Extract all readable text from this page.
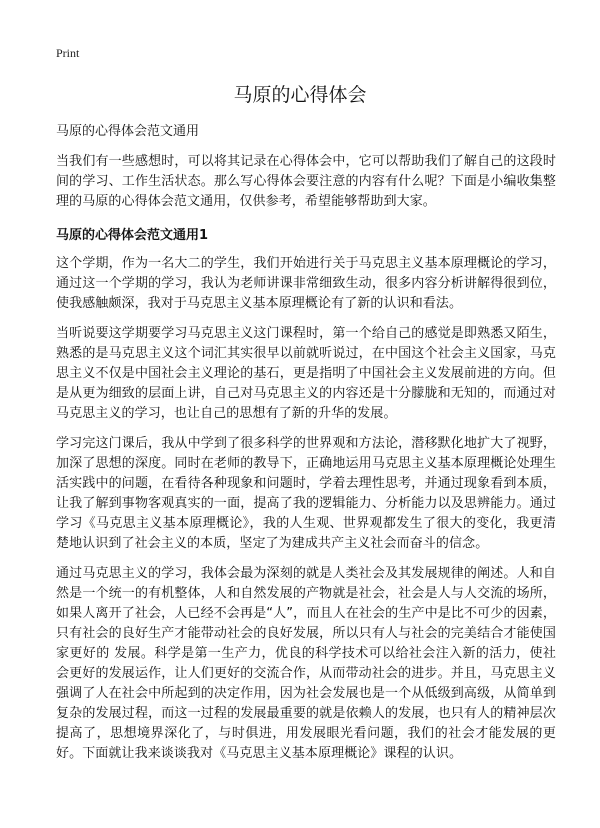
Print
马原的心得体会
马原的心得体会范文通用

当我们有一些感想时，可以将其记录在心得体会中，它可以帮助我们了解自己的这段时间的学习、工作生活状态。那么写心得体会要注意的内容有什么呢？下面是小编收集整理的马原的心得体会范文通用，仅供参考，希望能够帮助到大家。

马原的心得体会范文通用1

这个学期，作为一名大二的学生，我们开始进行关于马克思主义基本原理概论的学习，通过这一个学期的学习，我认为老师讲课非常细致生动，很多内容分析讲解得很到位，使我感触颇深，我对于马克思主义基本原理概论有了新的认识和看法。

当听说要这学期要学习马克思主义这门课程时，第一个给自己的感觉是即熟悉又陌生，熟悉的是马克思主义这个词汇其实很早以前就听说过，在中国这个社会主义国家，马克思主义不仅是中国社会主义理论的基石，更是指明了中国社会主义发展前进的方向。但是从更为细致的层面上讲，自己对马克思主义的内容还是十分朦胧和无知的，而通过对马克思主义的学习，也让自己的思想有了新的升华的发展。

学习完这门课后，我从中学到了很多科学的世界观和方法论，潜移默化地扩大了视野，加深了思想的深度。同时在老师的教导下，正确地运用马克思主义基本原理概论处理生活实践中的问题，在看待各种现象和问题时，学着去理性思考，并通过现象看到本质，让我了解到事物客观真实的一面，提高了我的逻辑能力、分析能力以及思辨能力。通过学习《马克思主义基本原理概论》，我的人生观、世界观都发生了很大的变化，我更清楚地认识到了社会主义的本质，坚定了为建成共产主义社会而奋斗的信念。

通过马克思主义的学习，我体会最为深刻的就是人类社会及其发展规律的阐述。人和自然是一个统一的有机整体，人和自然发展的产物就是社会，社会是人与人交流的场所，如果人离开了社会，人已经不会再是“人”，而且人在社会的生产中是比不可少的因素，只有社会的良好生产才能带动社会的良好发展，所以只有人与社会的完美结合才能使国家更好的 发展。科学是第一生产力，优良的科学技术可以给社会注入新的活力，使社会更好的发展运作，让人们更好的交流合作，从而带动社会的进步。并且，马克思主义强调了人在社会中所起到的决定作用，因为社会发展也是一个从低级到高级，从简单到复杂的发展过程，而这一过程的发展最重要的就是依赖人的发展，也只有人的精神层次提高了，思想境界深化了，与时俱进，用发展眼光看问题，我们的社会才能发展的更好。下面就让我来谈谈我对《马克思主义基本原理概论》课程的认识。
